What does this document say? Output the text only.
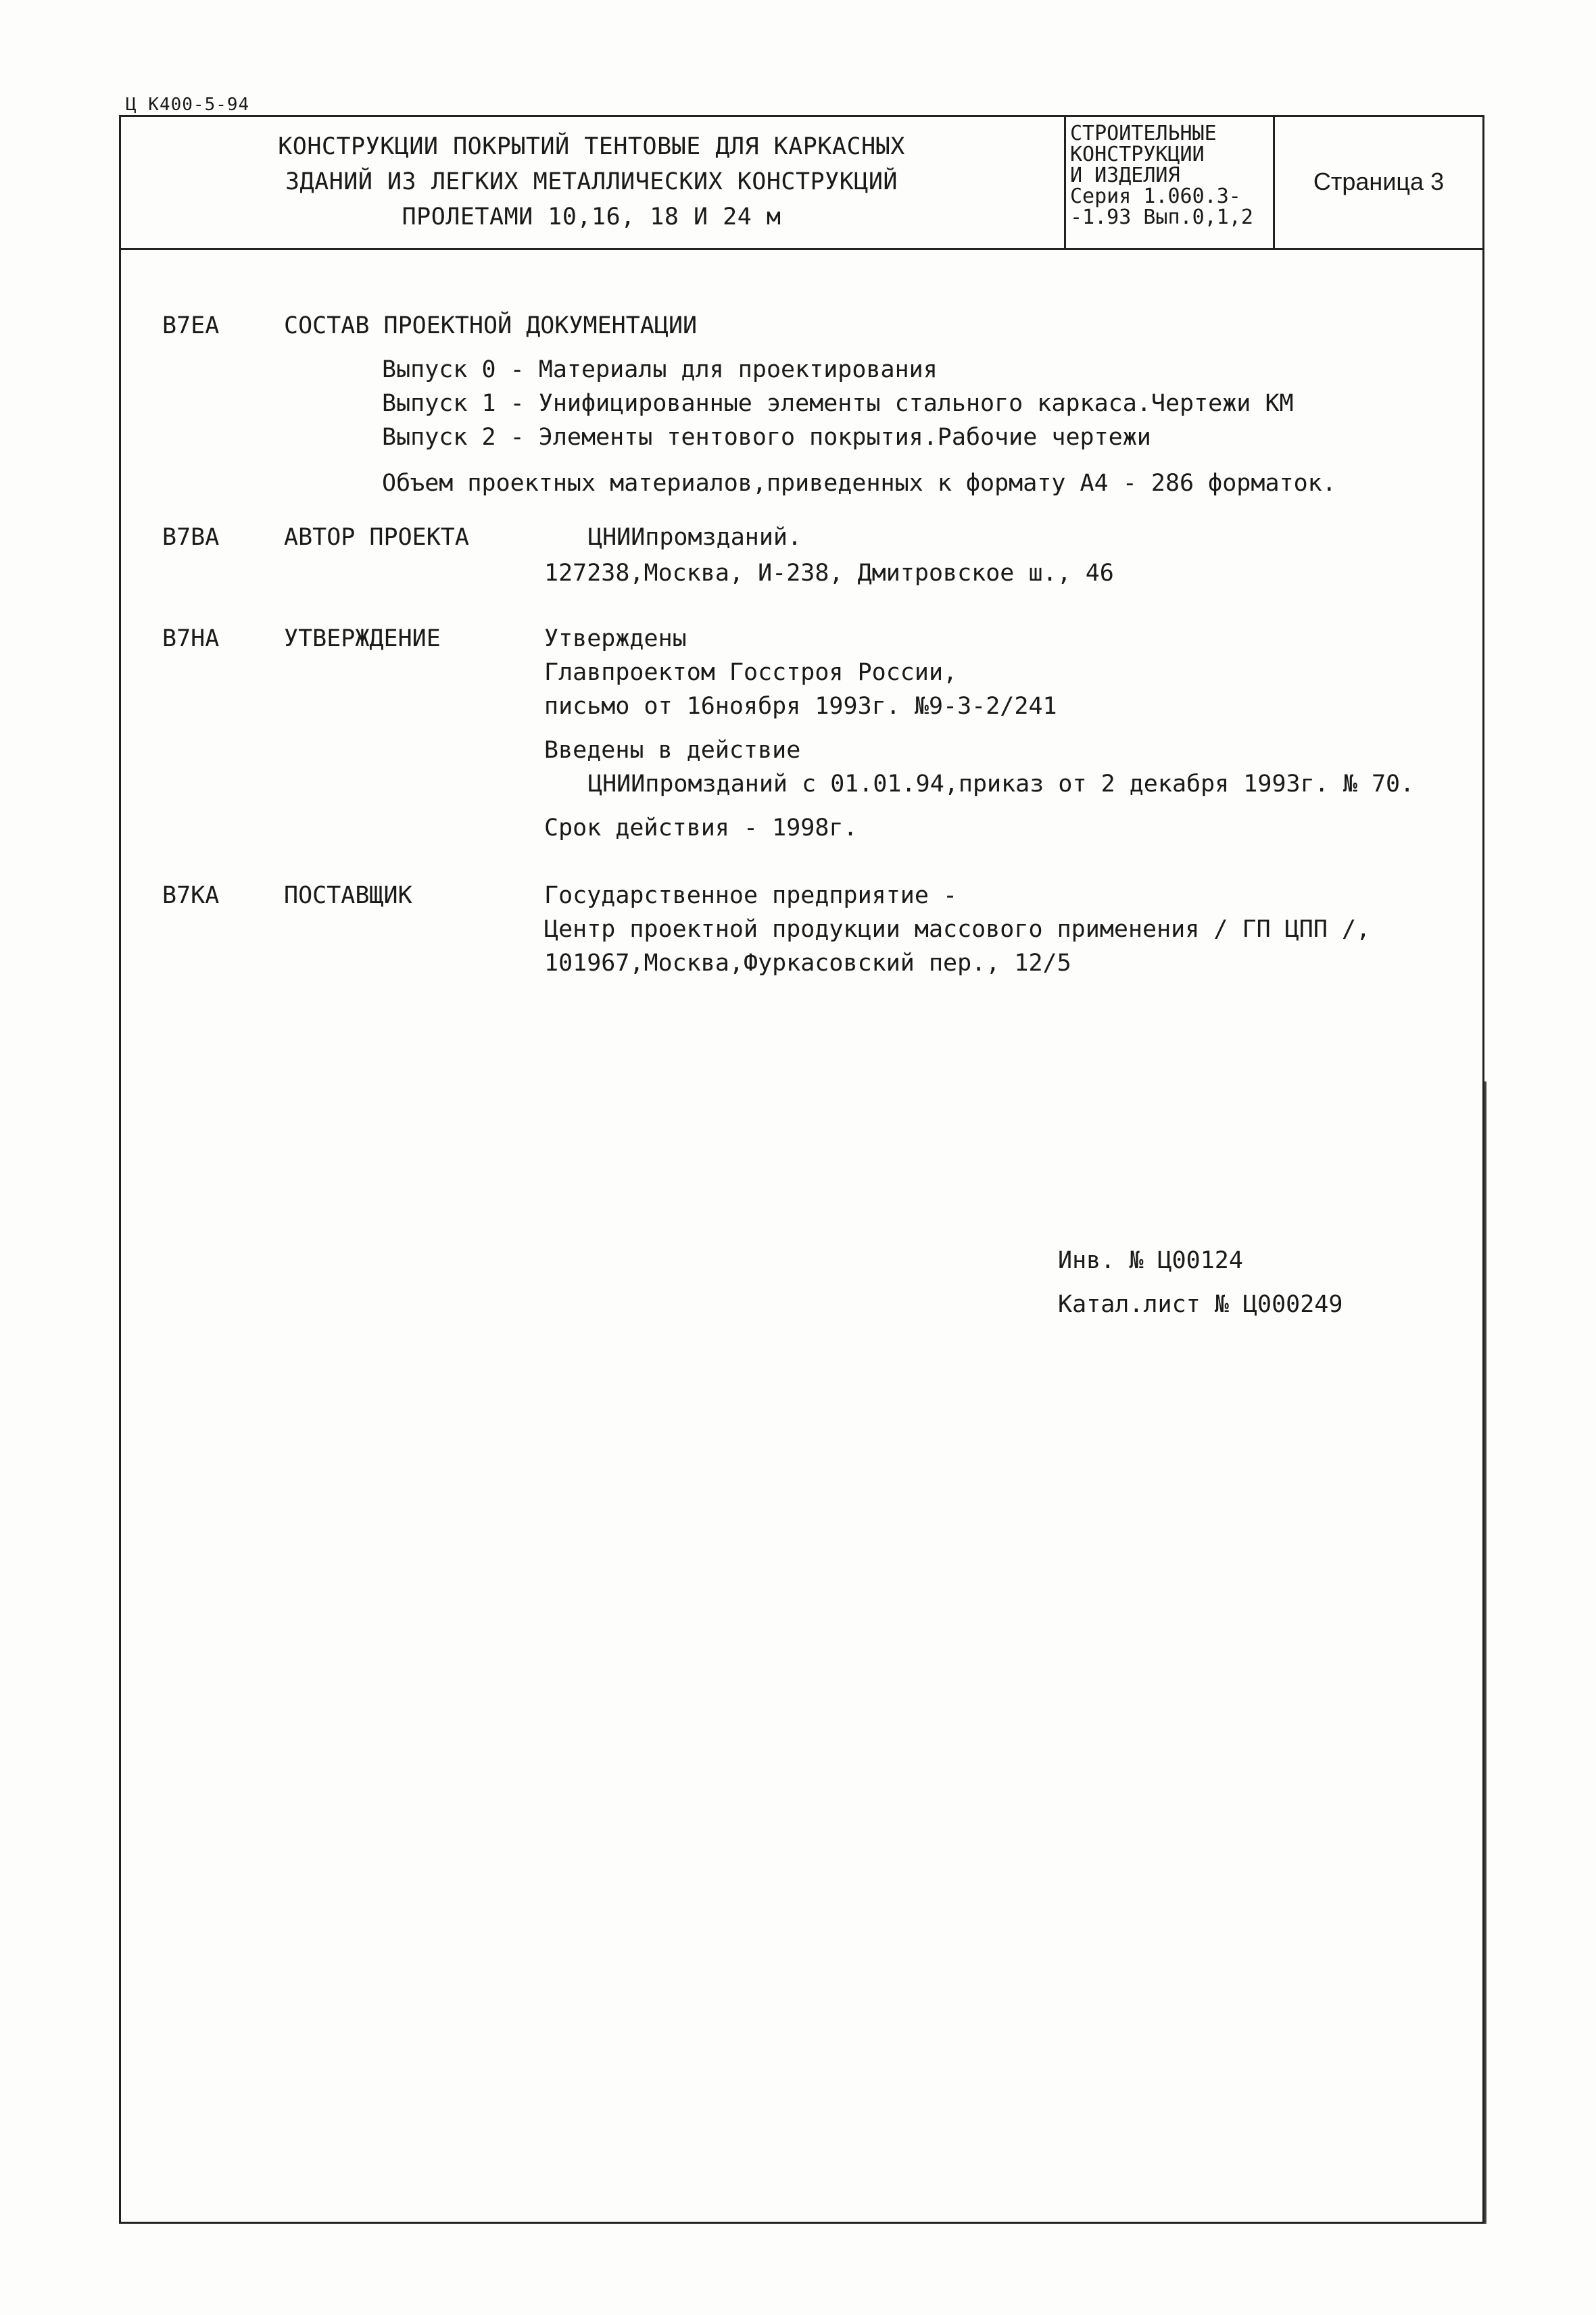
Ц К400-5-94
КОНСТРУКЦИИ ПОКРЫТИЙ ТЕНТОВЫЕ ДЛЯ КАРКАСНЫХ
ЗДАНИЙ ИЗ ЛЕГКИХ МЕТАЛЛИЧЕСКИХ КОНСТРУКЦИЙ
ПРОЛЕТАМИ 10,16, 18 И 24 м
СТРОИТЕЛЬНЫЕ
КОНСТРУКЦИИ
И ИЗДЕЛИЯ
Серия 1.060.3-
-1.93 Вып.0,1,2
Страница 3
В7ЕА	СОСТАВ ПРОЕКТНОЙ ДОКУМЕНТАЦИИ
Выпуск 0 - Материалы для проектирования
Выпуск 1 - Унифицированные элементы стального каркаса.Чертежи КМ
Выпуск 2 - Элементы тентового покрытия.Рабочие чертежи
Объем проектных материалов,приведенных к формату А4 - 286 форматок.
В7ВА	АВТОР ПРОЕКТА	ЦНИИпромзданий.
127238,Москва, И-238, Дмитровское ш., 46
В7НА	УТВЕРЖДЕНИЕ	Утверждены
Главпроектом Госстроя России,
письмо от 16ноября 1993г. №9-3-2/241
Введены в действие
ЦНИИпромзданий с 01.01.94,приказ от 2 декабря 1993г. № 70.
Срок действия - 1998г.
В7КА	ПОСТАВЩИК	Государственное предприятие -
Центр проектной продукции массового применения / ГП ЦПП /,
101967,Москва,Фуркасовский пер., 12/5
Инв. № Ц00124
Катал.лист № Ц000249
